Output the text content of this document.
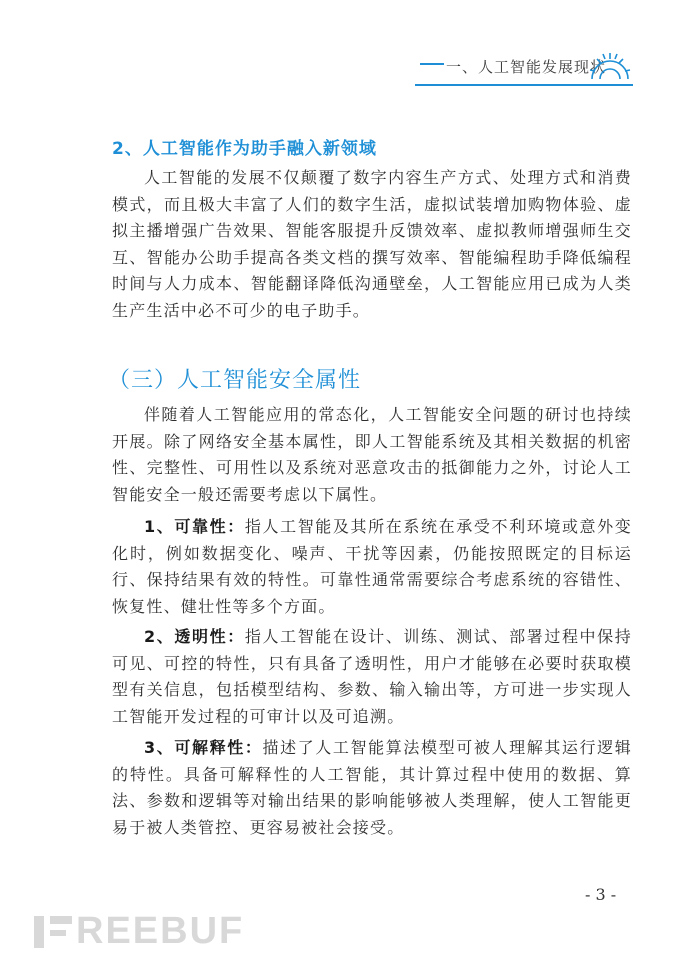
一、人工智能发展现状
2、人工智能作为助手融入新领域
人工智能的发展不仅颠覆了数字内容生产方式、处理方式和消费模式，而且极大丰富了人们的数字生活，虚拟试装增加购物体验、虚拟主播增强广告效果、智能客服提升反馈效率、虚拟教师增强师生交互、智能办公助手提高各类文档的撰写效率、智能编程助手降低编程时间与人力成本、智能翻译降低沟通壁垒，人工智能应用已成为人类生产生活中必不可少的电子助手。
（三）人工智能安全属性
伴随着人工智能应用的常态化，人工智能安全问题的研讨也持续开展。除了网络安全基本属性，即人工智能系统及其相关数据的机密性、完整性、可用性以及系统对恶意攻击的抵御能力之外，讨论人工智能安全一般还需要考虑以下属性。
1、可靠性：指人工智能及其所在系统在承受不利环境或意外变化时，例如数据变化、噪声、干扰等因素，仍能按照既定的目标运行、保持结果有效的特性。可靠性通常需要综合考虑系统的容错性、恢复性、健壮性等多个方面。
2、透明性：指人工智能在设计、训练、测试、部署过程中保持可见、可控的特性，只有具备了透明性，用户才能够在必要时获取模型有关信息，包括模型结构、参数、输入输出等，方可进一步实现人工智能开发过程的可审计以及可追溯。
3、可解释性：描述了人工智能算法模型可被人理解其运行逻辑的特性。具备可解释性的人工智能，其计算过程中使用的数据、算法、参数和逻辑等对输出结果的影响能够被人类理解，使人工智能更易于被人类管控、更容易被社会接受。
- 3 -
REEBUF
